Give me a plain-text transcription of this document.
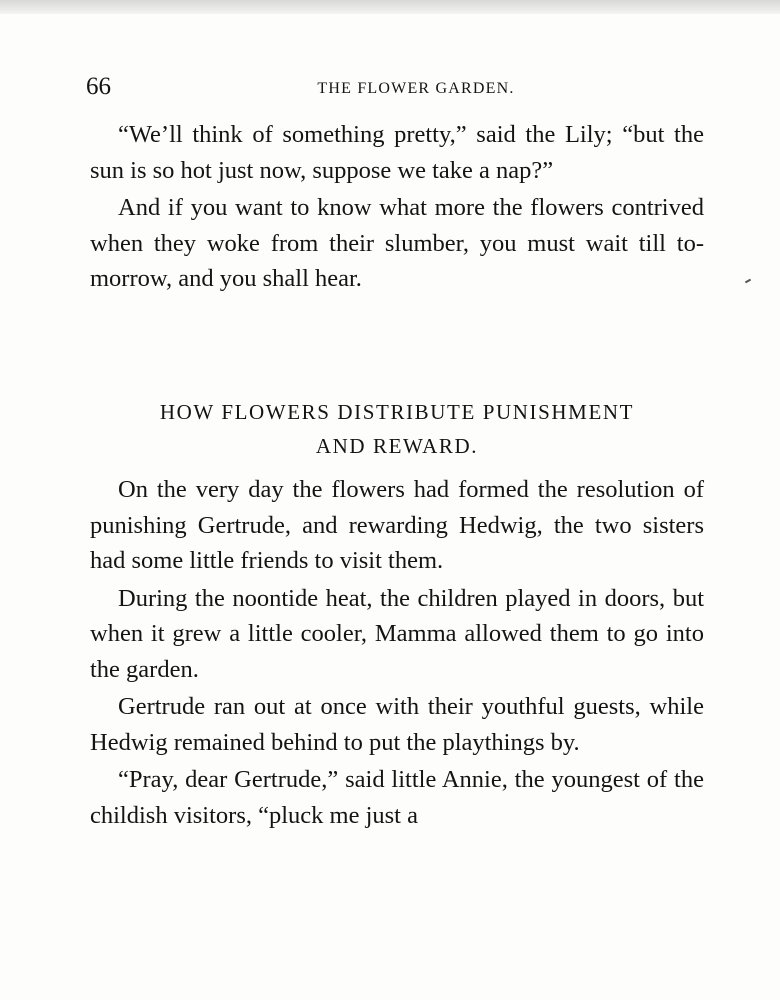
66	THE FLOWER GARDEN.

“We’ll think of something pretty,” said the Lily; “but the sun is so hot just now, suppose we take a nap?”

And if you want to know what more the flowers contrived when they woke from their slumber, you must wait till to-morrow, and you shall hear.

HOW FLOWERS DISTRIBUTE PUNISHMENT
AND REWARD.

On the very day the flowers had formed the resolution of punishing Gertrude, and rewarding Hedwig, the two sisters had some little friends to visit them.

During the noontide heat, the children played in doors, but when it grew a little cooler, Mamma allowed them to go into the garden.

Gertrude ran out at once with their youthful guests, while Hedwig remained behind to put the playthings by.

“Pray, dear Gertrude,” said little Annie, the youngest of the childish visitors, “pluck me just a
